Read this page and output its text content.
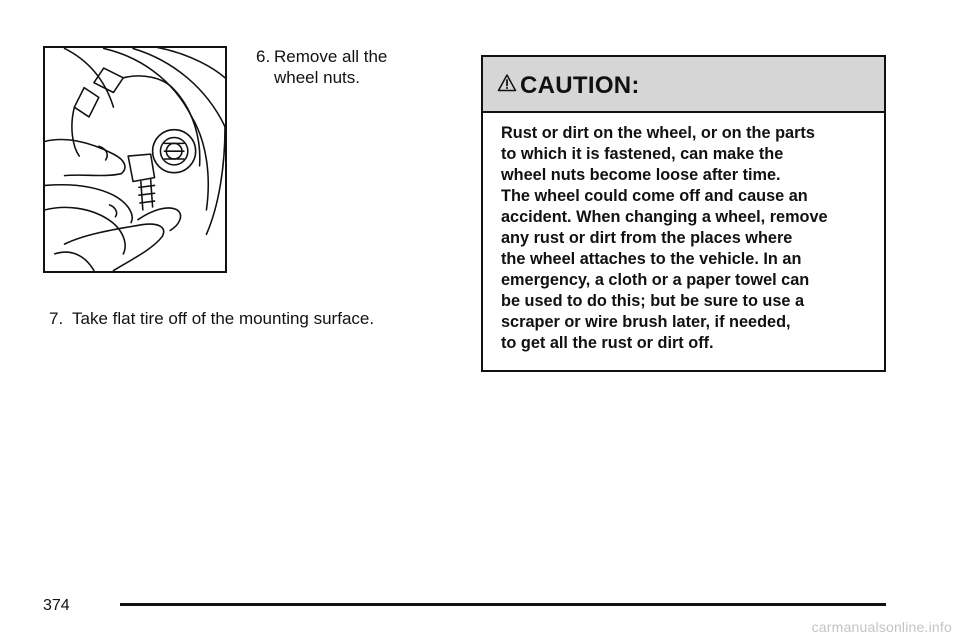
6. Remove all the wheel nuts.
7. Take flat tire off of the mounting surface.
CAUTION:
Rust or dirt on the wheel, or on the parts
to which it is fastened, can make the
wheel nuts become loose after time.
The wheel could come off and cause an
accident. When changing a wheel, remove
any rust or dirt from the places where
the wheel attaches to the vehicle. In an
emergency, a cloth or a paper towel can
be used to do this; but be sure to use a
scraper or wire brush later, if needed,
to get all the rust or dirt off.
374
carmanualsonline.info
